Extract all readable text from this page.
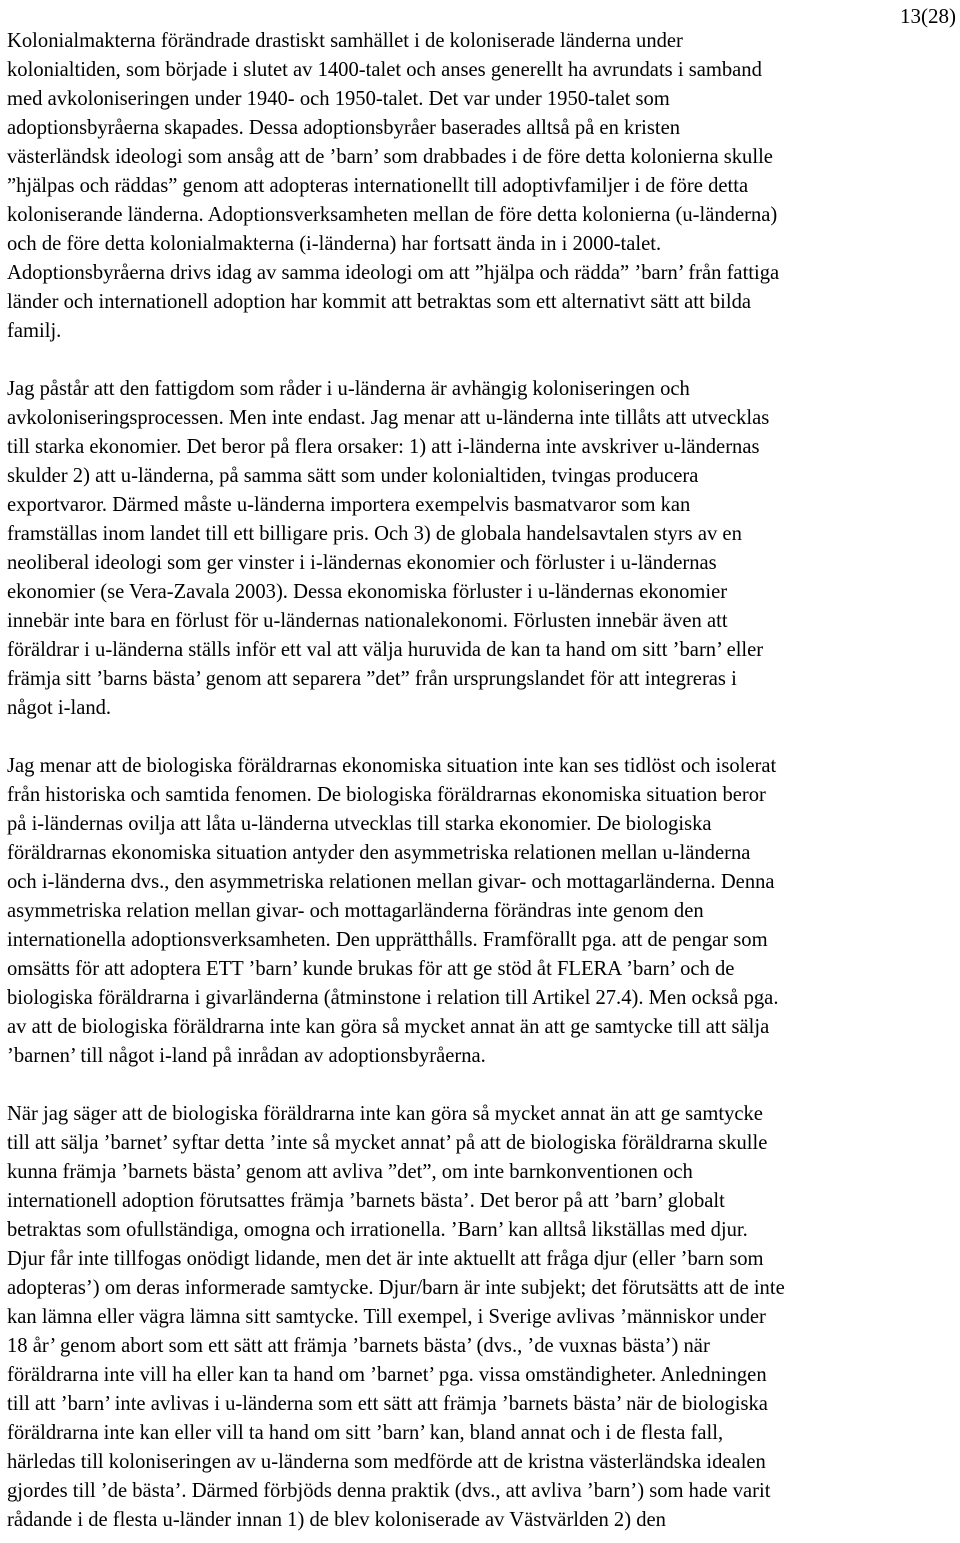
13(28)
Kolonialmakterna förändrade drastiskt samhället i de koloniserade länderna under
kolonialtiden, som började i slutet av 1400-talet och anses generellt ha avrundats i samband
med avkoloniseringen under 1940- och 1950-talet. Det var under 1950-talet som
adoptionsbyråerna skapades. Dessa adoptionsbyråer baserades alltså på en kristen
västerländsk ideologi som ansåg att de ’barn’ som drabbades i de före detta kolonierna skulle
”hjälpas och räddas” genom att adopteras internationellt till adoptivfamiljer i de före detta
koloniserande länderna. Adoptionsverksamheten mellan de före detta kolonierna (u-länderna)
och de före detta kolonialmakterna (i-länderna) har fortsatt ända in i 2000-talet.
Adoptionsbyråerna drivs idag av samma ideologi om att ”hjälpa och rädda” ’barn’ från fattiga
länder och internationell adoption har kommit att betraktas som ett alternativt sätt att bilda
familj.
Jag påstår att den fattigdom som råder i u-länderna är avhängig koloniseringen och
avkoloniseringsprocessen. Men inte endast. Jag menar att u-länderna inte tillåts att utvecklas
till starka ekonomier. Det beror på flera orsaker: 1) att i-länderna inte avskriver u-ländernas
skulder 2) att u-länderna, på samma sätt som under kolonialtiden, tvingas producera
exportvaror. Därmed måste u-länderna importera exempelvis basmatvaror som kan
framställas inom landet till ett billigare pris. Och 3) de globala handelsavtalen styrs av en
neoliberal ideologi som ger vinster i i-ländernas ekonomier och förluster i u-ländernas
ekonomier (se Vera-Zavala 2003). Dessa ekonomiska förluster i u-ländernas ekonomier
innebär inte bara en förlust för u-ländernas nationalekonomi. Förlusten innebär även att
föräldrar i u-länderna ställs inför ett val att välja huruvida de kan ta hand om sitt ’barn’ eller
främja sitt ’barns bästa’ genom att separera ”det” från ursprungslandet för att integreras i
något i-land.
Jag menar att de biologiska föräldrarnas ekonomiska situation inte kan ses tidlöst och isolerat
från historiska och samtida fenomen. De biologiska föräldrarnas ekonomiska situation beror
på i-ländernas ovilja att låta u-länderna utvecklas till starka ekonomier. De biologiska
föräldrarnas ekonomiska situation antyder den asymmetriska relationen mellan u-länderna
och i-länderna dvs., den asymmetriska relationen mellan givar- och mottagarländerna. Denna
asymmetriska relation mellan givar- och mottagarländerna förändras inte genom den
internationella adoptionsverksamheten. Den upprätthålls. Framförallt pga. att de pengar som
omsätts för att adoptera ETT ’barn’ kunde brukas för att ge stöd åt FLERA ’barn’ och de
biologiska föräldrarna i givarländerna (åtminstone i relation till Artikel 27.4). Men också pga.
av att de biologiska föräldrarna inte kan göra så mycket annat än att ge samtycke till att sälja
’barnen’ till något i-land på inrådan av adoptionsbyråerna.
När jag säger att de biologiska föräldrarna inte kan göra så mycket annat än att ge samtycke
till att sälja ’barnet’ syftar detta ’inte så mycket annat’ på att de biologiska föräldrarna skulle
kunna främja ’barnets bästa’ genom att avliva ”det”, om inte barnkonventionen och
internationell adoption förutsattes främja ’barnets bästa’. Det beror på att ’barn’ globalt
betraktas som ofullständiga, omogna och irrationella. ’Barn’ kan alltså likställas med djur.
Djur får inte tillfogas onödigt lidande, men det är inte aktuellt att fråga djur (eller ’barn som
adopteras’) om deras informerade samtycke. Djur/barn är inte subjekt; det förutsätts att de inte
kan lämna eller vägra lämna sitt samtycke. Till exempel, i Sverige avlivas ’människor under
18 år’ genom abort som ett sätt att främja ’barnets bästa’ (dvs., ’de vuxnas bästa’) när
föräldrarna inte vill ha eller kan ta hand om ’barnet’ pga. vissa omständigheter. Anledningen
till att ’barn’ inte avlivas i u-länderna som ett sätt att främja ’barnets bästa’ när de biologiska
föräldrarna inte kan eller vill ta hand om sitt ’barn’ kan, bland annat och i de flesta fall,
härledas till koloniseringen av u-länderna som medförde att de kristna västerländska idealen
gjordes till ’de bästa’. Därmed förbjöds denna praktik (dvs., att avliva ’barn’) som hade varit
rådande i de flesta u-länder innan 1) de blev koloniserade av Västvärlden 2) den
